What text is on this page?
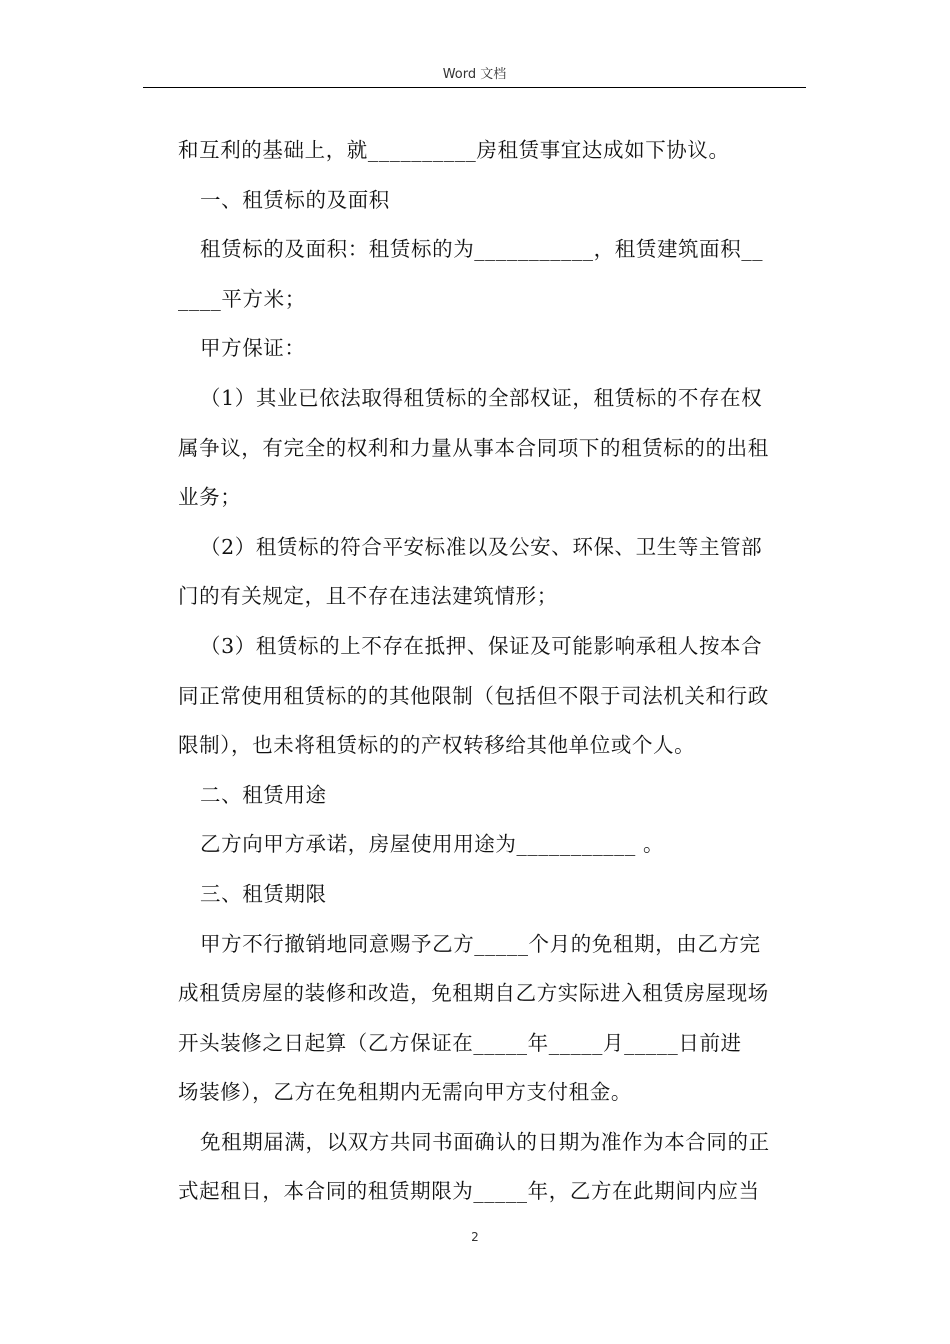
Word 文档

和互利的基础上，就__________房租赁事宜达成如下协议。

一、租赁标的及面积

租赁标的及面积：租赁标的为___________，租赁建筑面积__

____平方米；

甲方保证：

（1）其业已依法取得租赁标的全部权证，租赁标的不存在权

属争议，有完全的权利和力量从事本合同项下的租赁标的的出租

业务；

（2）租赁标的符合平安标准以及公安、环保、卫生等主管部

门的有关规定，且不存在违法建筑情形；

（3）租赁标的上不存在抵押、保证及可能影响承租人按本合

同正常使用租赁标的的其他限制（包括但不限于司法机关和行政

限制），也未将租赁标的的产权转移给其他单位或个人。

二、租赁用途

乙方向甲方承诺，房屋使用用途为___________ 。

三、租赁期限

甲方不行撤销地同意赐予乙方_____个月的免租期，由乙方完

成租赁房屋的装修和改造，免租期自乙方实际进入租赁房屋现场

开头装修之日起算（乙方保证在_____年_____月_____日前进

场装修），乙方在免租期内无需向甲方支付租金。

免租期届满，以双方共同书面确认的日期为准作为本合同的正

式起租日，本合同的租赁期限为_____年，乙方在此期间内应当

2
